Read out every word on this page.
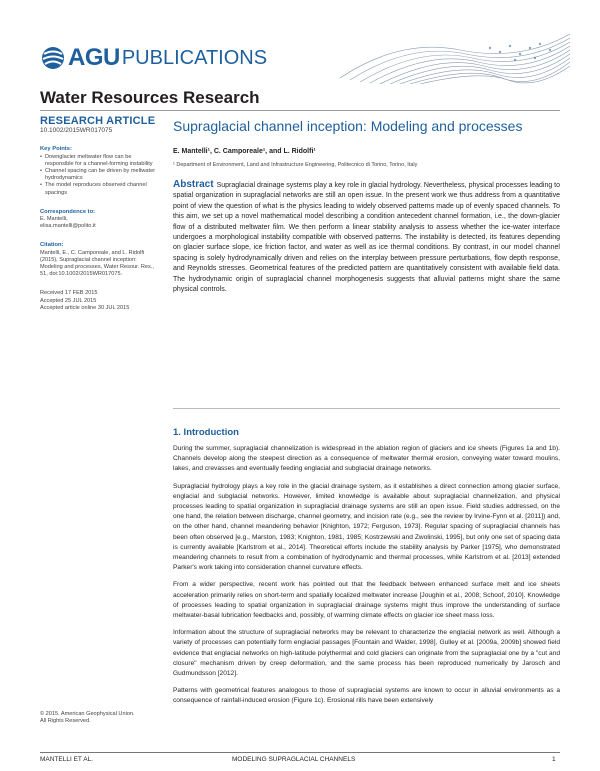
AGU PUBLICATIONS
Water Resources Research
RESEARCH ARTICLE
10.1002/2015WR017075
Key Points:
• Downglacier meltwater flow can be responsible for a channel-forming instability
• Channel spacing can be driven by meltwater hydrodynamics
• The model reproduces observed channel spacings
Correspondence to:
E. Mantelli,
elisa.mantelli@polito.it
Citation:
Mantelli, E., C. Camporeale, and L. Ridolfi (2015), Supraglacial channel inception: Modeling and processes, Water Resour. Res., 51, doi:10.1002/2015WR017075.
Received 17 FEB 2015
Accepted 25 JUL 2015
Accepted article online 30 JUL 2015
© 2015. American Geophysical Union.
All Rights Reserved.
Supraglacial channel inception: Modeling and processes
E. Mantelli¹, C. Camporeale¹, and L. Ridolfi¹
¹ Department of Environment, Land and Infrastructure Engineering, Politecnico di Torino, Torino, Italy
Abstract Supraglacial drainage systems play a key role in glacial hydrology. Nevertheless, physical processes leading to spatial organization in supraglacial networks are still an open issue. In the present work we thus address from a quantitative point of view the question of what is the physics leading to widely observed patterns made up of evenly spaced channels. To this aim, we set up a novel mathematical model describing a condition antecedent channel formation, i.e., the down-glacier flow of a distributed meltwater film. We then perform a linear stability analysis to assess whether the ice-water interface undergoes a morphological instability compatible with observed patterns. The instability is detected, its features depending on glacier surface slope, ice friction factor, and water as well as ice thermal conditions. By contrast, in our model channel spacing is solely hydrodynamically driven and relies on the interplay between pressure perturbations, flow depth response, and Reynolds stresses. Geometrical features of the predicted pattern are quantitatively consistent with available field data. The hydrodynamic origin of supraglacial channel morphogenesis suggests that alluvial patterns might share the same physical controls.
1. Introduction

During the summer, supraglacial channelization is widespread in the ablation region of glaciers and ice sheets (Figures 1a and 1b). Channels develop along the steepest direction as a consequence of meltwater thermal erosion, conveying water toward moulins, lakes, and crevasses and eventually feeding englacial and subglacial drainage networks.

Supraglacial hydrology plays a key role in the glacial drainage system, as it establishes a direct connection among glacier surface, englacial and subglacial networks. However, limited knowledge is available about supraglacial channelization, and physical processes leading to spatial organization in supraglacial drainage systems are still an open issue. Field studies addressed, on the one hand, the relation between discharge, channel geometry, and incision rate (e.g., see the review by Irvine-Fynn et al. [2011]) and, on the other hand, channel meandering behavior [Knighton, 1972; Ferguson, 1973]. Regular spacing of supraglacial channels has been often observed [e.g., Marston, 1983; Knighton, 1981, 1985; Kostrzewski and Zwolinski, 1995], but only one set of spacing data is currently available [Karlstrom et al., 2014]. Theoretical efforts include the stability analysis by Parker [1975], who demonstrated meandering channels to result from a combination of hydrodynamic and thermal processes, while Karlstrom et al. [2013] extended Parker's work taking into consideration channel curvature effects.

From a wider perspective, recent work has pointed out that the feedback between enhanced surface melt and ice sheets acceleration primarily relies on short-term and spatially localized meltwater increase [Joughin et al., 2008; Schoof, 2010]. Knowledge of processes leading to spatial organization in supraglacial drainage systems might thus improve the understanding of surface meltwater-basal lubrication feedbacks and, possibly, of warming climate effects on glacier ice sheet mass loss.

Information about the structure of supraglacial networks may be relevant to characterize the englacial network as well. Although a variety of processes can potentially form englacial passages [Fountain and Walder, 1998], Gulley et al. [2009a, 2009b] showed field evidence that englacial networks on high-latitude polythermal and cold glaciers can originate from the supraglacial one by a "cut and closure" mechanism driven by creep deformation, and the same process has been reproduced numerically by Jarosch and Gudmundsson [2012].

Patterns with geometrical features analogous to those of supraglacial systems are known to occur in alluvial environments as a consequence of rainfall-induced erosion (Figure 1c). Erosional rills have been extensively

MANTELLI ET AL.	MODELING SUPRAGLACIAL CHANNELS	1
